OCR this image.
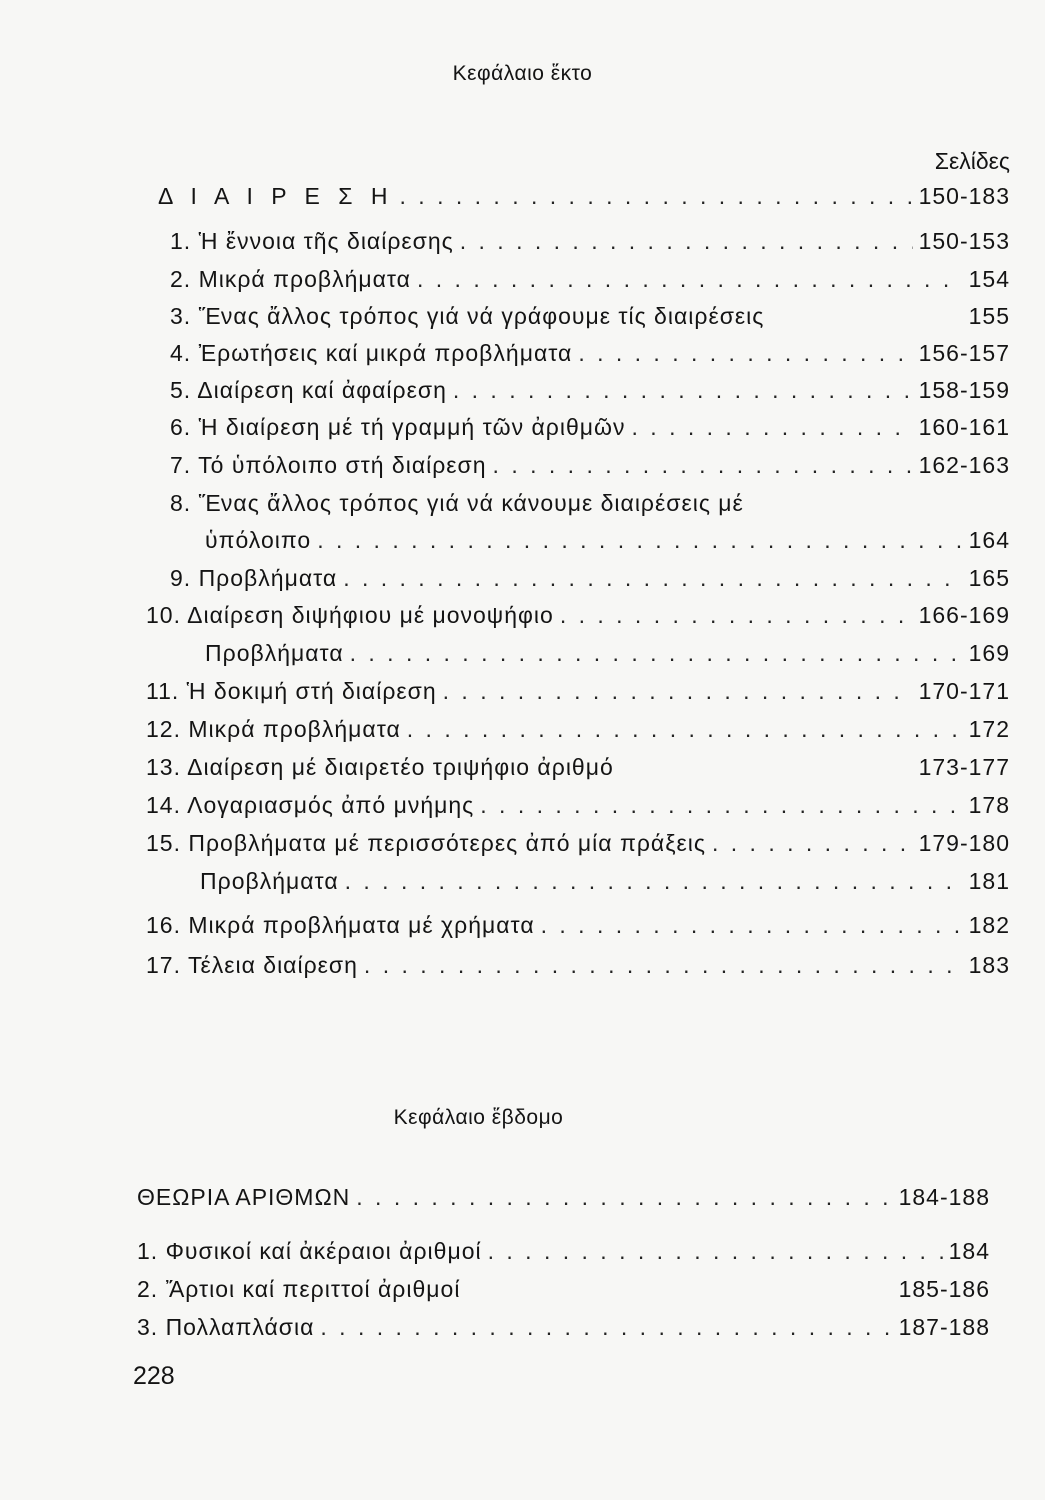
Κεφάλαιο ἕκτο
Σελίδες
Δ Ι Α Ι Ρ Ε Σ Η . . .	150-183
1. Ἡ ἔννοια τῆς διαίρεσης . . .	150-153
2. Μικρά προβλήματα . . .	154
3. Ἕνας ἄλλος τρόπος γιά νά γράφουμε τίς διαιρέσεις	155
4. Ἐρωτήσεις καί μικρά προβλήματα . . .	156-157
5. Διαίρεση καί ἀφαίρεση . . .	158-159
6. Ἡ διαίρεση μέ τή γραμμή τῶν ἀριθμῶν . . .	160-161
7. Τό ὑπόλοιπο στή διαίρεση . . .	162-163
8. Ἕνας ἄλλος τρόπος γιά νά κάνουμε διαιρέσεις μέ
ὑπόλοιπο . . .	164
9. Προβλήματα . . .	165
10. Διαίρεση διψήφιου μέ μονοψήφιο . . .	166-169
Προβλήματα . . .	169
11. Ἡ δοκιμή στή διαίρεση . . .	170-171
12. Μικρά προβλήματα . . .	172
13. Διαίρεση μέ διαιρετέο τριψήφιο ἀριθμό	173-177
14. Λογαριασμός ἀπό μνήμης . . .	178
15. Προβλήματα μέ περισσότερες ἀπό μία πράξεις . . .	179-180
Προβλήματα . . .	181
16. Μικρά προβλήματα μέ χρήματα . . .	182
17. Τέλεια διαίρεση . . .	183
Κεφάλαιο ἕβδομο
ΘΕΩΡΙΑ ΑΡΙΘΜΩΝ . . .	184-188
1. Φυσικοί καί ἀκέραιοι ἀριθμοί . . .	184
2. Ἄρτιοι καί περιττοί ἀριθμοί	185-186
3. Πολλαπλάσια . . .	187-188
228
